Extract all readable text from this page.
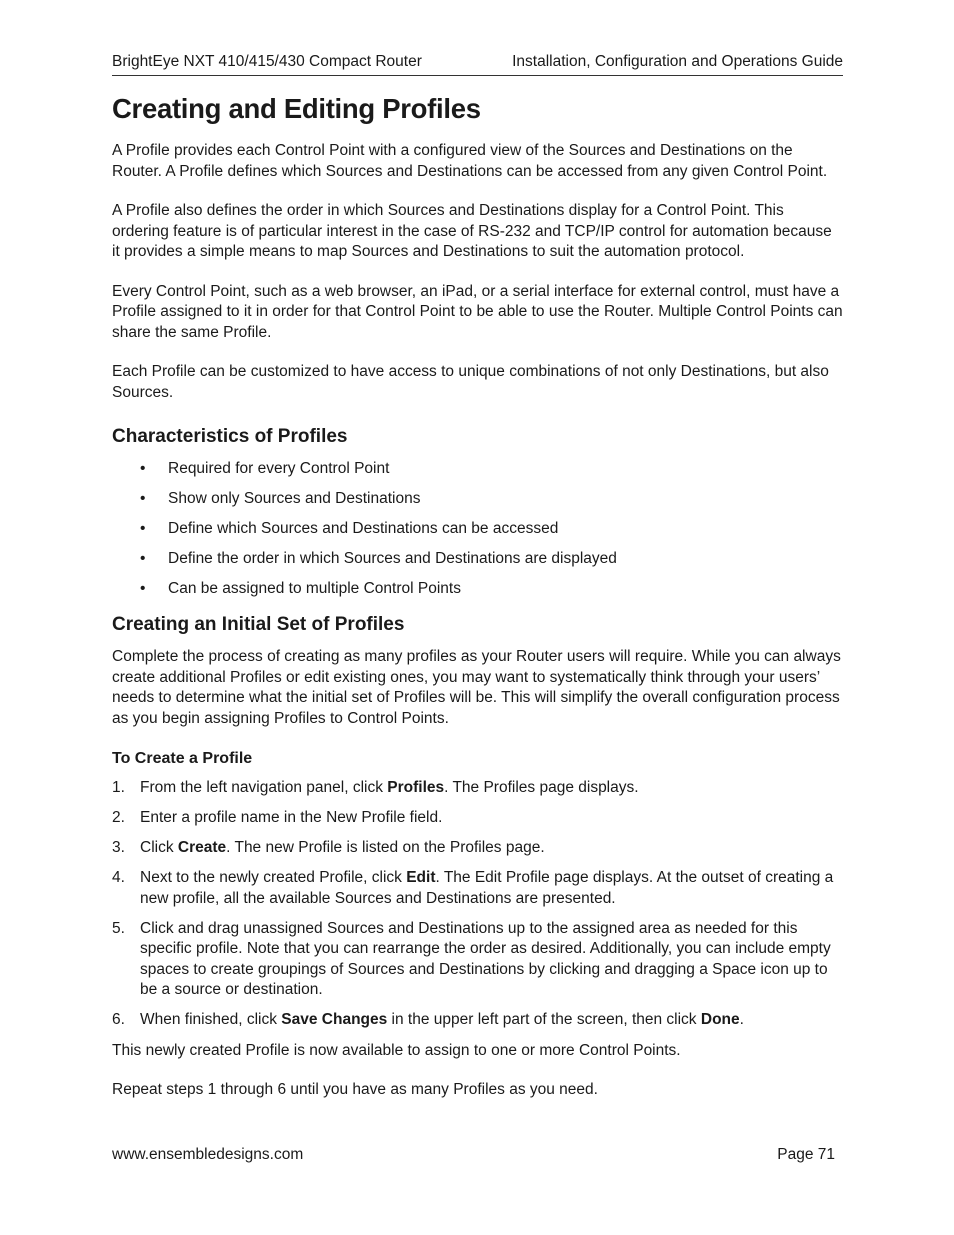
BrightEye NXT 410/415/430 Compact Router	Installation, Configuration and Operations Guide
Creating and Editing Profiles

A Profile provides each Control Point with a configured view of the Sources and Destinations on the Router. A Profile defines which Sources and Destinations can be accessed from any given Control Point.

A Profile also defines the order in which Sources and Destinations display for a Control Point. This ordering feature is of particular interest in the case of RS-232 and TCP/IP control for automation because it provides a simple means to map Sources and Destinations to suit the automation protocol.

Every Control Point, such as a web browser, an iPad, or a serial interface for external control, must have a Profile assigned to it in order for that Control Point to be able to use the Router. Multiple Control Points can share the same Profile.

Each Profile can be customized to have access to unique combinations of not only Destinations, but also Sources.

Characteristics of Profiles
• Required for every Control Point
• Show only Sources and Destinations
• Define which Sources and Destinations can be accessed
• Define the order in which Sources and Destinations are displayed
• Can be assigned to multiple Control Points
Creating an Initial Set of Profiles

Complete the process of creating as many profiles as your Router users will require. While you can always create additional Profiles or edit existing ones, you may want to systematically think through your users’ needs to determine what the initial set of Profiles will be. This will simplify the overall configuration process as you begin assigning Profiles to Control Points.

To Create a Profile
1. From the left navigation panel, click Profiles. The Profiles page displays.
2. Enter a profile name in the New Profile field.
3. Click Create. The new Profile is listed on the Profiles page.
4. Next to the newly created Profile, click Edit. The Edit Profile page displays. At the outset of creating a new profile, all the available Sources and Destinations are presented.
5. Click and drag unassigned Sources and Destinations up to the assigned area as needed for this specific profile. Note that you can rearrange the order as desired. Additionally, you can include empty spaces to create groupings of Sources and Destinations by clicking and dragging a Space icon up to be a source or destination.
6. When finished, click Save Changes in the upper left part of the screen, then click Done.

This newly created Profile is now available to assign to one or more Control Points.

Repeat steps 1 through 6 until you have as many Profiles as you need.

www.ensembledesigns.com	Page 71
